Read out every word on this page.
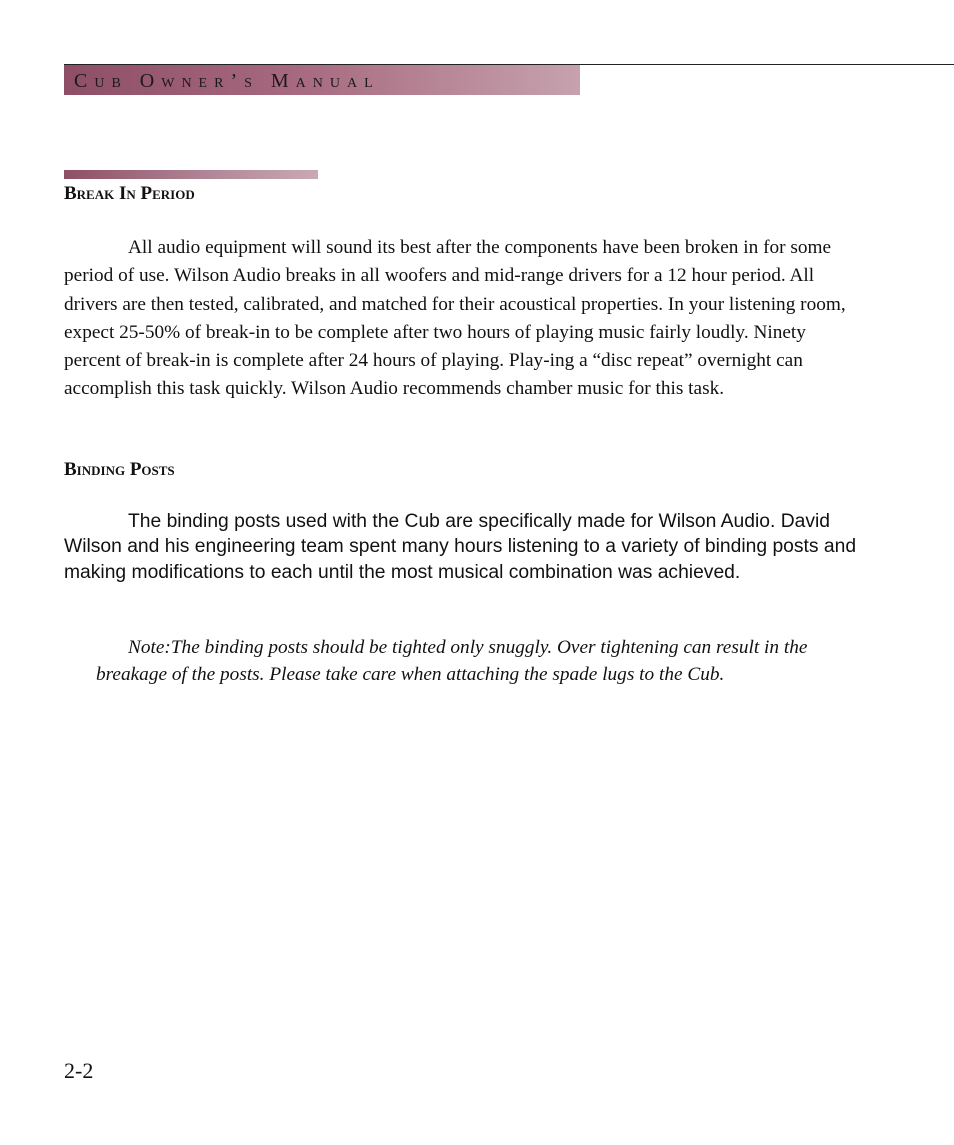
Cub Owner’s Manual
Break In Period

All audio equipment will sound its best after the components have been broken in for some period of use. Wilson Audio breaks in all woofers and mid-range drivers for a 12 hour period. All drivers are then tested, calibrated, and matched for their acoustical properties. In your listening room, expect 25-50% of break-in to be complete after two hours of playing music fairly loudly. Ninety percent of break-in is complete after 24 hours of playing. Play-ing a “disc repeat” overnight can accomplish this task quickly. Wilson Audio recommends chamber music for this task.

Binding Posts

The binding posts used with the Cub are specifically made for Wilson Audio. David Wilson and his engineering team spent many hours listening to a variety of binding posts and making modifications to each until the most musical combination was achieved.

Note:The binding posts should be tighted only snuggly. Over tightening can result in the breakage of the posts. Please take care when attaching the spade lugs to the Cub.

2-2
